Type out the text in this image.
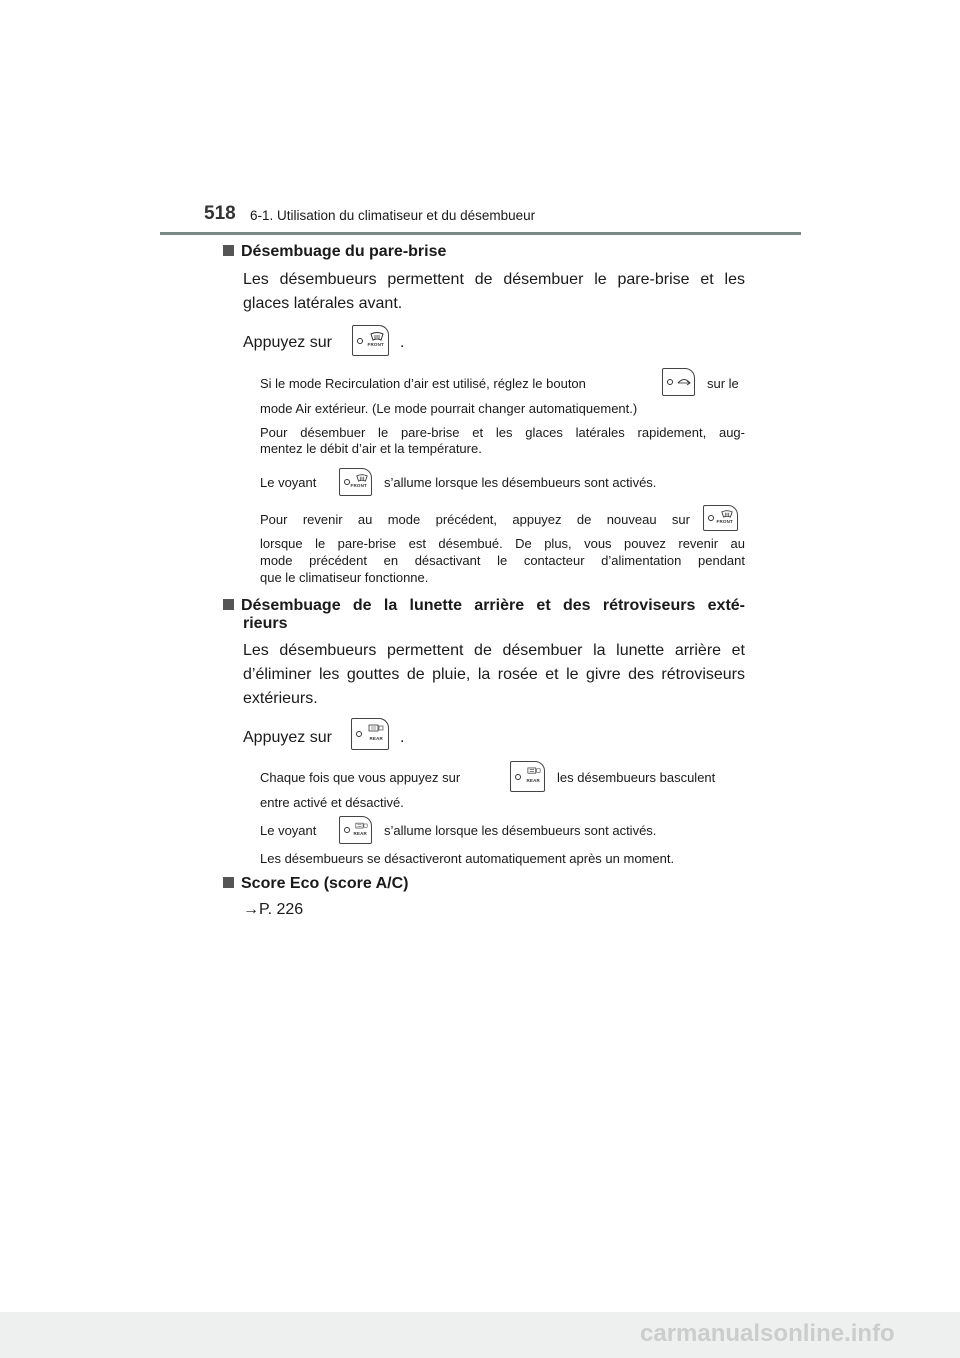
518 6-1. Utilisation du climatiseur et du désembueur
Désembuage du pare-brise
Les désembueurs permettent de désembuer le pare-brise et les
glaces latérales avant.
Appuyez sur	FRONT .
Si le mode Recirculation d’air est utilisé, réglez le bouton	sur le
mode Air extérieur. (Le mode pourrait changer automatiquement.)
Pour désembuer le pare-brise et les glaces latérales rapidement, aug-
mentez le débit d’air et la température.
Le voyant	FRONT s’allume lorsque les désembueurs sont activés.
Pour revenir au mode précédent, appuyez de nouveau sur	FRONT
lorsque le pare-brise est désembué. De plus, vous pouvez revenir au
mode précédent en désactivant le contacteur d’alimentation pendant
que le climatiseur fonctionne.
Désembuage de la lunette arrière et des rétroviseurs exté-
rieurs
Les désembueurs permettent de désembuer la lunette arrière et
d’éliminer les gouttes de pluie, la rosée et le givre des rétroviseurs
extérieurs.
Appuyez sur	REAR .
Chaque fois que vous appuyez sur	REAR les désembueurs basculent
entre activé et désactivé.
Le voyant	REAR s’allume lorsque les désembueurs sont activés.
Les désembueurs se désactiveront automatiquement après un moment.
Score Eco (score A/C)
→P. 226
carmanualsonline.info
